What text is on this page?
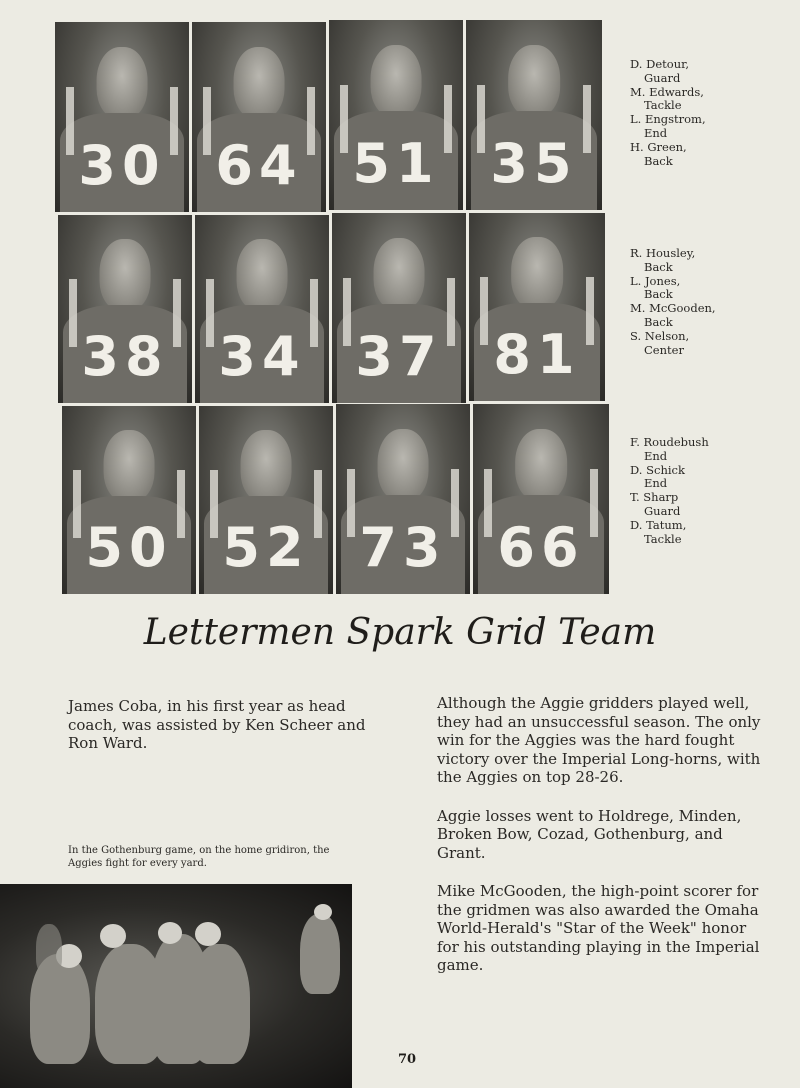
30 64 51 35
38 34 37 81
50 52 73 66
D. Detour,
Guard
M. Edwards,
Tackle
L. Engstrom,
End
H. Green,
Back
R. Housley,
Back
L. Jones,
Back
M. McGooden,
Back
S. Nelson,
Center
F. Roudebush
End
D. Schick
End
T. Sharp
Guard
D. Tatum,
Tackle
Lettermen Spark Grid Team

James Coba, in his first year as head coach, was assisted by Ken Scheer and Ron Ward.

Although the Aggie gridders played well, they had an unsuccessful season. The only win for the Aggies was the hard fought victory over the Imperial Long-horns, with the Aggies on top 28-26.

Aggie losses went to Holdrege, Minden, Broken Bow, Cozad, Gothenburg, and Grant.

Mike McGooden, the high-point scorer for the gridmen was also awarded the Omaha World-Herald's "Star of the Week" honor for his outstanding playing in the Imperial game.

In the Gothenburg game, on the home gridiron, the Aggies fight for every yard.
70
